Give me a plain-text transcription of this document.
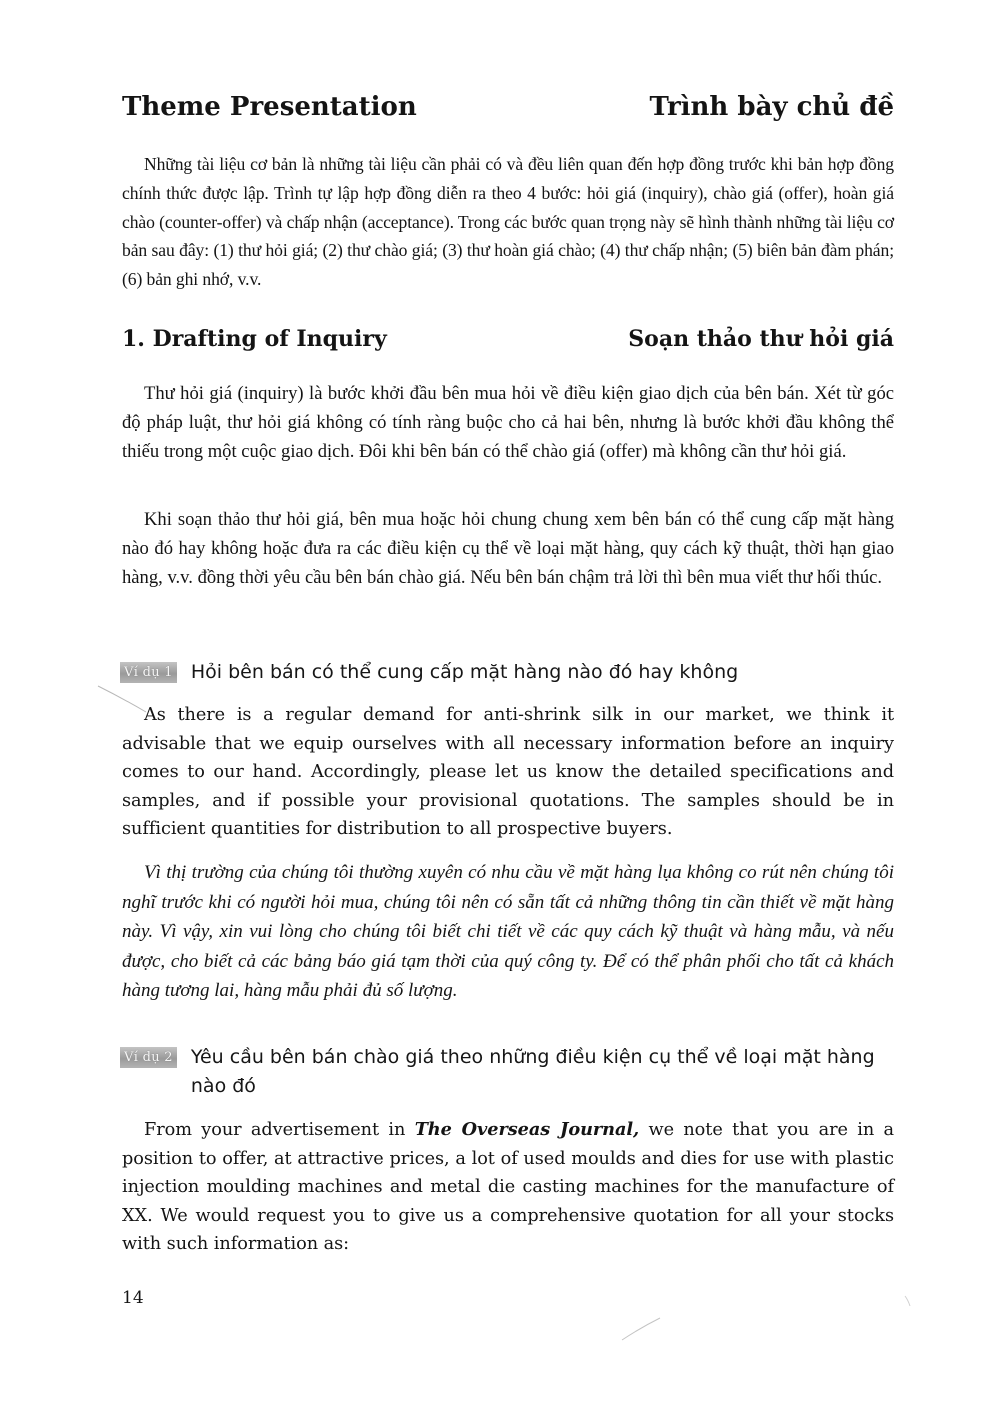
Theme Presentation	Trình bày chủ đề

Những tài liệu cơ bản là những tài liệu cần phải có và đều liên quan đến hợp đồng trước khi bản hợp đồng chính thức được lập. Trình tự lập hợp đồng diễn ra theo 4 bước: hỏi giá (inquiry), chào giá (offer), hoàn giá chào (counter-offer) và chấp nhận (acceptance). Trong các bước quan trọng này sẽ hình thành những tài liệu cơ bản sau đây: (1) thư hỏi giá; (2) thư chào giá; (3) thư hoàn giá chào; (4) thư chấp nhận; (5) biên bản đàm phán; (6) bản ghi nhớ, v.v.

1. Drafting of Inquiry	Soạn thảo thư hỏi giá

Thư hỏi giá (inquiry) là bước khởi đầu bên mua hỏi về điều kiện giao dịch của bên bán. Xét từ góc độ pháp luật, thư hỏi giá không có tính ràng buộc cho cả hai bên, nhưng là bước khởi đầu không thể thiếu trong một cuộc giao dịch. Đôi khi bên bán có thể chào giá (offer) mà không cần thư hỏi giá.

Khi soạn thảo thư hỏi giá, bên mua hoặc hỏi chung chung xem bên bán có thể cung cấp mặt hàng nào đó hay không hoặc đưa ra các điều kiện cụ thể về loại mặt hàng, quy cách kỹ thuật, thời hạn giao hàng, v.v. đồng thời yêu cầu bên bán chào giá. Nếu bên bán chậm trả lời thì bên mua viết thư hối thúc.

Ví dụ 1 Hỏi bên bán có thể cung cấp mặt hàng nào đó hay không

As there is a regular demand for anti-shrink silk in our market, we think it advisable that we equip ourselves with all necessary information before an inquiry comes to our hand. Accordingly, please let us know the detailed specifications and samples, and if possible your provisional quotations. The samples should be in sufficient quantities for distribution to all prospective buyers.

Vì thị trường của chúng tôi thường xuyên có nhu cầu về mặt hàng lụa không co rút nên chúng tôi nghĩ trước khi có người hỏi mua, chúng tôi nên có sẵn tất cả những thông tin cần thiết về mặt hàng này. Vì vậy, xin vui lòng cho chúng tôi biết chi tiết về các quy cách kỹ thuật và hàng mẫu, và nếu được, cho biết cả các bảng báo giá tạm thời của quý công ty. Để có thể phân phối cho tất cả khách hàng tương lai, hàng mẫu phải đủ số lượng.

Ví dụ 2 Yêu cầu bên bán chào giá theo những điều kiện cụ thể về loại mặt hàng nào đó

From your advertisement in The Overseas Journal, we note that you are in a position to offer, at attractive prices, a lot of used moulds and dies for use with plastic injection moulding machines and metal die casting machines for the manufacture of XX. We would request you to give us a comprehensive quotation for all your stocks with such information as:

14
